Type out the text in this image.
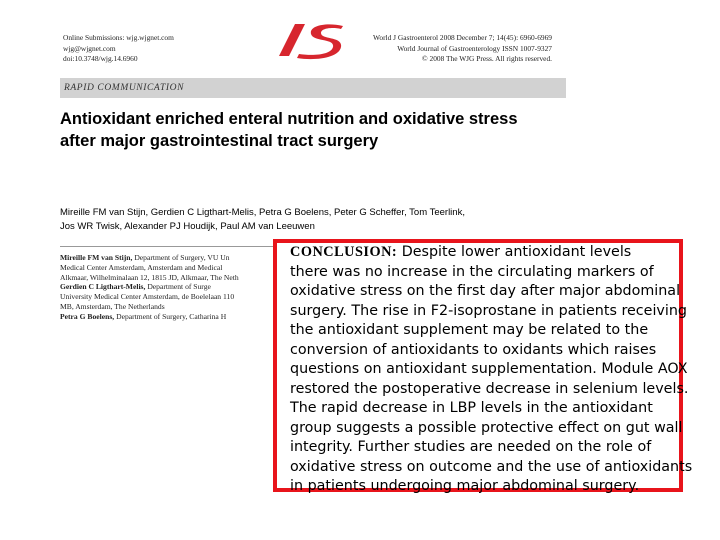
Online Submissions: wjg.wjgnet.com
wjg@wjgnet.com
doi:10.3748/wjg.14.6960
World J Gastroenterol 2008 December 7; 14(45): 6960-6969
World Journal of Gastroenterology ISSN 1007-9327
© 2008 The WJG Press. All rights reserved.
RAPID COMMUNICATION
Antioxidant enriched enteral nutrition and oxidative stress
after major gastrointestinal tract surgery
Mireille FM van Stijn, Gerdien C Ligthart-Melis, Petra G Boelens, Peter G Scheffer, Tom Teerlink,
Jos WR Twisk, Alexander PJ Houdijk, Paul AM van Leeuwen
Mireille FM van Stijn, Department of Surgery, VU Un
Medical Center Amsterdam, Amsterdam and Medical
Alkmaar, Wilhelminalaan 12, 1815 JD, Alkmaar, The Neth
Gerdien C Ligthart-Melis, Department of Surge
University Medical Center Amsterdam, de Boelelaan 110
MB, Amsterdam, The Netherlands
Petra G Boelens, Department of Surgery, Catharina H
CONCLUSION: Despite lower antioxidant levels
there was no increase in the circulating markers of
oxidative stress on the first day after major abdominal
surgery. The rise in F2-isoprostane in patients receiving
the antioxidant supplement may be related to the
conversion of antioxidants to oxidants which raises
questions on antioxidant supplementation. Module AOX
restored the postoperative decrease in selenium levels.
The rapid decrease in LBP levels in the antioxidant
group suggests a possible protective effect on gut wall
integrity. Further studies are needed on the role of
oxidative stress on outcome and the use of antioxidants
in patients undergoing major abdominal surgery.
